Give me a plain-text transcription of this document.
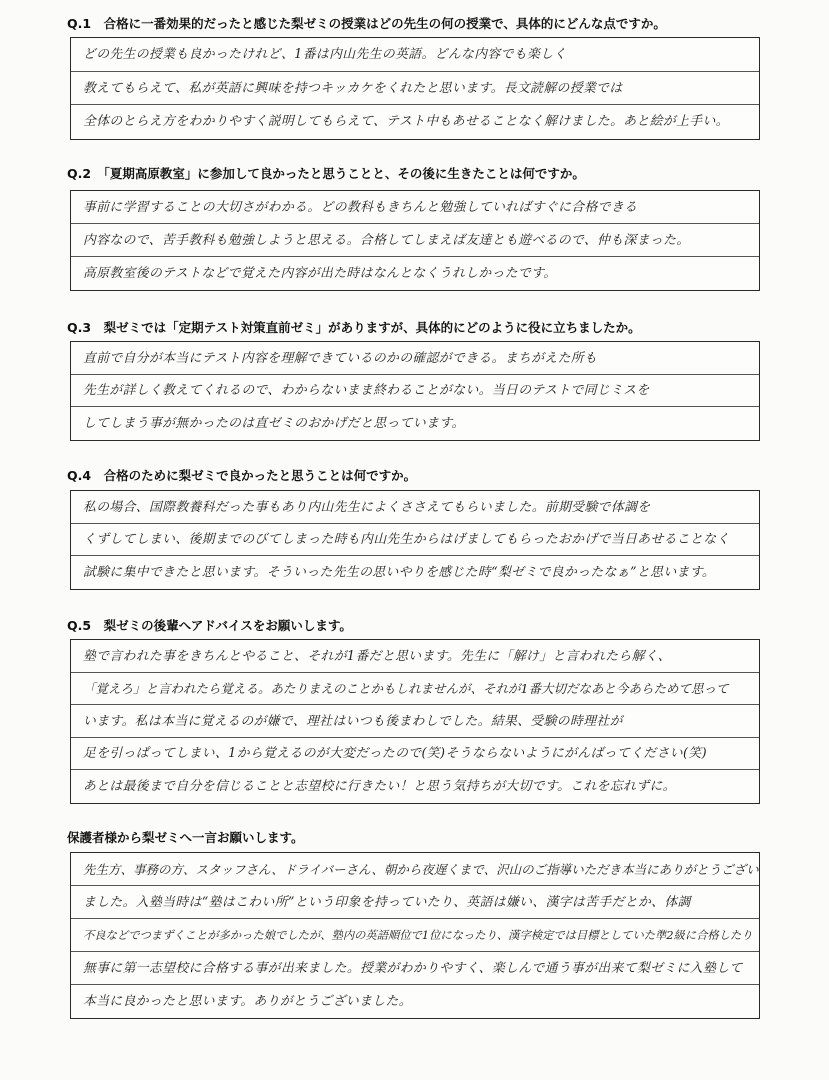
Q.1　合格に一番効果的だったと感じた梨ゼミの授業はどの先生の何の授業で、具体的にどんな点ですか。
どの先生の授業も良かったけれど、1番は内山先生の英語。どんな内容でも楽しく
教えてもらえて、私が英語に興味を持つキッカケをくれたと思います。長文読解の授業では
全体のとらえ方をわかりやすく説明してもらえて、テスト中もあせることなく解けました。あと絵が上手い。
Q.2　「夏期高原教室」に参加して良かったと思うことと、その後に生きたことは何ですか。
事前に学習することの大切さがわかる。どの教科もきちんと勉強していればすぐに合格できる
内容なので、苦手教科も勉強しようと思える。合格してしまえば友達とも遊べるので、仲も深まった。
高原教室後のテストなどで覚えた内容が出た時はなんとなくうれしかったです。
Q.3　梨ゼミでは「定期テスト対策直前ゼミ」がありますが、具体的にどのように役に立ちましたか。
直前で自分が本当にテスト内容を理解できているのかの確認ができる。まちがえた所も
先生が詳しく教えてくれるので、わからないまま終わることがない。当日のテストで同じミスを
してしまう事が無かったのは直ゼミのおかげだと思っています。
Q.4　合格のために梨ゼミで良かったと思うことは何ですか。
私の場合、国際教養科だった事もあり内山先生によくささえてもらいました。前期受験で体調を
くずしてしまい、後期までのびてしまった時も内山先生からはげましてもらったおかげで当日あせることなく
試験に集中できたと思います。そういった先生の思いやりを感じた時“梨ゼミで良かったなぁ”と思います。
Q.5　梨ゼミの後輩へアドバイスをお願いします。
塾で言われた事をきちんとやること、それが1番だと思います。先生に「解け」と言われたら解く、
「覚えろ」と言われたら覚える。あたりまえのことかもしれませんが、それが1番大切だなあと今あらためて思って
います。私は本当に覚えるのが嫌で、理社はいつも後まわしでした。結果、受験の時理社が
足を引っぱってしまい、1から覚えるのが大変だったので(笑)そうならないようにがんばってください(笑)
あとは最後まで自分を信じることと志望校に行きたい！と思う気持ちが大切です。これを忘れずに。
保護者様から梨ゼミへ一言お願いします。
先生方、事務の方、スタッフさん、ドライバーさん、朝から夜遅くまで、沢山のご指導いただき本当にありがとうござい
ました。入塾当時は“塾はこわい所”という印象を持っていたり、英語は嫌い、漢字は苦手だとか、体調
不良などでつまずくことが多かった娘でしたが、塾内の英語順位で1位になったり、漢字検定では目標としていた準2級に合格したり
無事に第一志望校に合格する事が出来ました。授業がわかりやすく、楽しんで通う事が出来て梨ゼミに入塾して
本当に良かったと思います。ありがとうございました。
